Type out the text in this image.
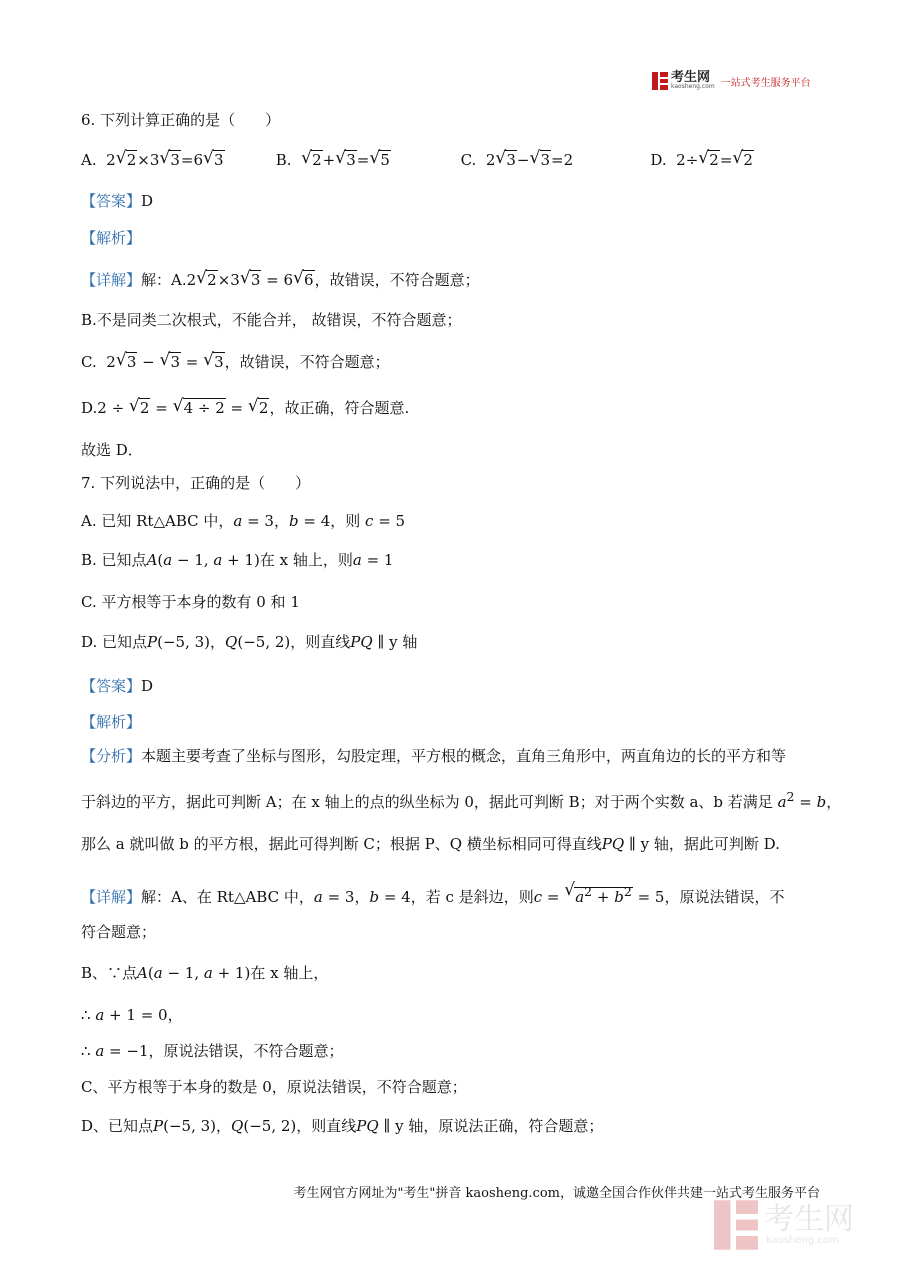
考生网
kaosheng.com 一站式考生服务平台
6. 下列计算正确的是（　　）
A. 2 √ 2×3 √ 3=6 √ 3	B. √ 2+ √ 3= √ 5	C. 2 √ 3− √ 3=2	D. 2÷ √ 2= √ 2
【答案】D
【解析】
【详解】解：A.2 √ 2×3 √ 3 = 6 √ 6，故错误，不符合题意；
B.不是同类二次根式，不能合并， 故错误，不符合题意；
C. 2 √ 3 − √ 3 = √ 3，故错误，不符合题意；
D.2 ÷ √ 2 = √ 4 ÷ 2 = √ 2，故正确，符合题意.
故选 D．
7. 下列说法中，正确的是（　　）
A. 已知 Rt△ABC 中，a = 3，b = 4，则 c = 5
B. 已知点A(a − 1, a + 1)在 x 轴上，则a = 1
C. 平方根等于本身的数有 0 和 1
D. 已知点P(−5, 3)，Q(−5, 2)，则直线PQ ∥ y 轴
【答案】D
【解析】
【分析】本题主要考查了坐标与图形，勾股定理，平方根的概念，直角三角形中，两直角边的长的平方和等
于斜边的平方，据此可判断 A；在 x 轴上的点的纵坐标为 0，据此可判断 B；对于两个实数 a、b 若满足 $a^2 = b$，
那么 a 就叫做 b 的平方根，据此可得判断 C；根据 P、Q 横坐标相同可得直线PQ ∥ y 轴，据此可判断 D.
【详解】解：A、在 Rt△ABC 中，a = 3，b = 4，若 c 是斜边，则c = √ $a^2 + b^2 = 5$，原说法错误，不
符合题意；
B、∵点A(a − 1, a + 1)在 x 轴上，
∴ a + 1 = 0，
∴ a = −1，原说法错误，不符合题意；
C、平方根等于本身的数是 0，原说法错误，不符合题意；
D、已知点P(−5, 3)，Q(−5, 2)，则直线PQ ∥ y 轴，原说法正确，符合题意；
考生网官方网址为"考生"拼音 kaosheng.com，诚邀全国合作伙伴共建一站式考生服务平台
考生网
kaosheng.com
